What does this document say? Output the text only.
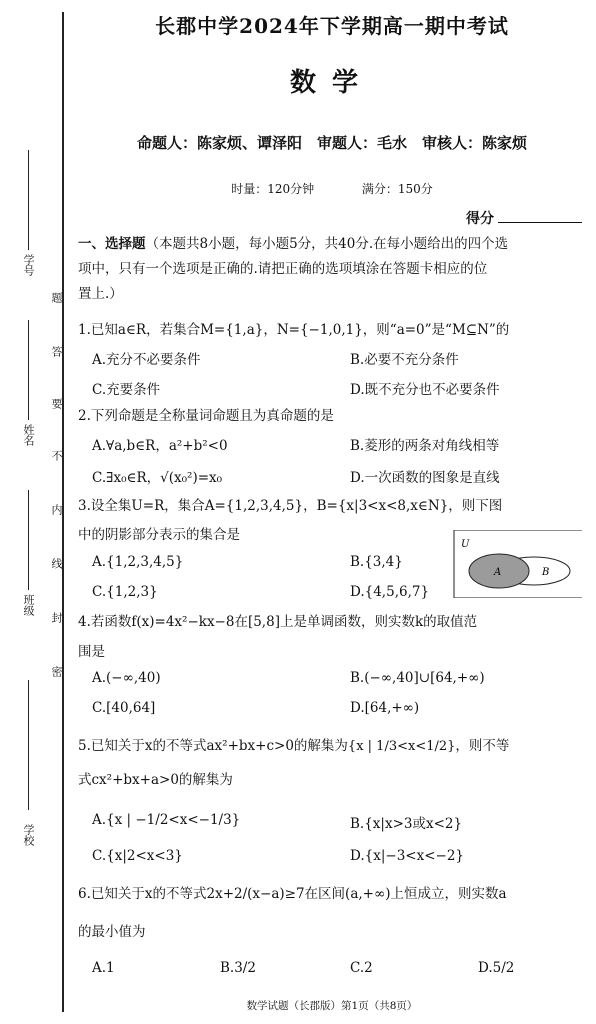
学号
姓名
班级
学校
题
答
要
不
内
线
封
密
长郡中学2024年下学期高一期中考试
数学
命题人：陈家烦、谭泽阳　审题人：毛水　审核人：陈家烦
时量：120分钟	满分：150分
得分
一、选择题（本题共8小题，每小题5分，共40分.在每小题给出的四个选
项中，只有一个选项是正确的.请把正确的选项填涂在答题卡相应的位
置上.）
1.已知a∈R，若集合M={1,a}，N={−1,0,1}，则“a=0”是“M⊆N”的
A.充分不必要条件	B.必要不充分条件
C.充要条件	D.既不充分也不必要条件
2.下列命题是全称量词命题且为真命题的是
A.∀a,b∈R，a²+b²<0	B.菱形的两条对角线相等
C.∃x₀∈R，√(x₀²)=x₀	D.一次函数的图象是直线
3.设全集U=R，集合A={1,2,3,4,5}，B={x|3<x<8,x∈N}，则下图
中的阴影部分表示的集合是
A.{1,2,3,4,5}	B.{3,4}
C.{1,2,3}	D.{4,5,6,7}
U
A	B
4.若函数f(x)=4x²−kx−8在[5,8]上是单调函数，则实数k的取值范
围是
A.(−∞,40)	B.(−∞,40]∪[64,+∞)
C.[40,64]	D.[64,+∞)
5.已知关于x的不等式ax²+bx+c>0的解集为{x | 1/3<x<1/2}，则不等
式cx²+bx+a>0的解集为
A.{x | −1/2<x<−1/3}	B.{x|x>3或x<2}
C.{x|2<x<3}	D.{x|−3<x<−2}
6.已知关于x的不等式2x+2/(x−a)≥7在区间(a,+∞)上恒成立，则实数a
的最小值为
A.1	B.3/2	C.2	D.5/2
数学试题（长郡版）第1页（共8页）
